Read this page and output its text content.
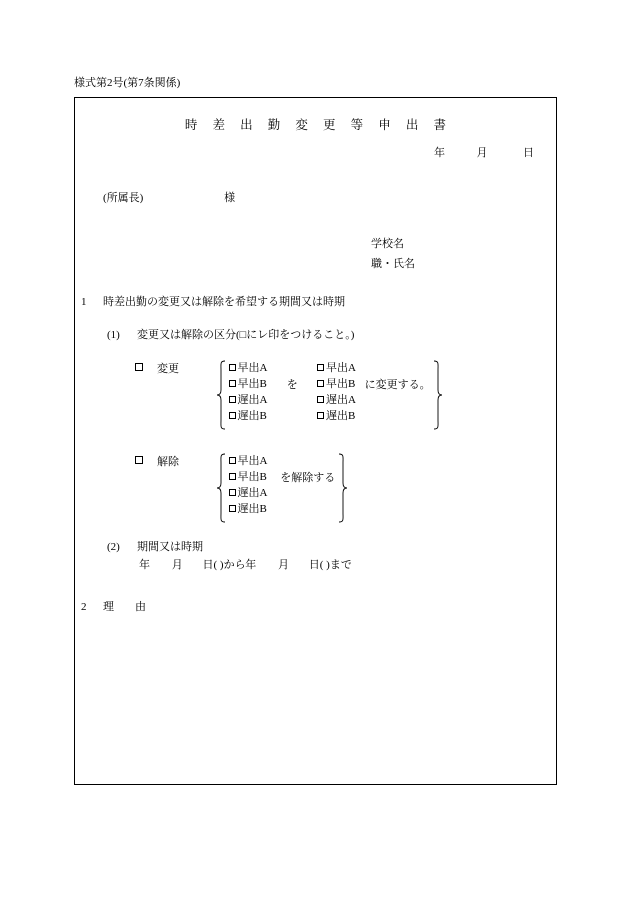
様式第2号(第7条関係)
時 差 出 勤 変 更 等 申 出 書
年	月	日
(所属長)	様
学校名
職・氏名
1 時差出勤の変更又は解除を希望する期間又は時期
(1) 変更又は解除の区分(□にレ印をつけること。)
変更
	早出A
早出B
遅出A
遅出B
を
早出A
早出B
遅出A
遅出B
に変更する。
解除
	早出A
早出B
遅出A
遅出B
を解除する
(2) 期間又は時期
年 月 日( )から 年 月 日( )まで
2 理　由
